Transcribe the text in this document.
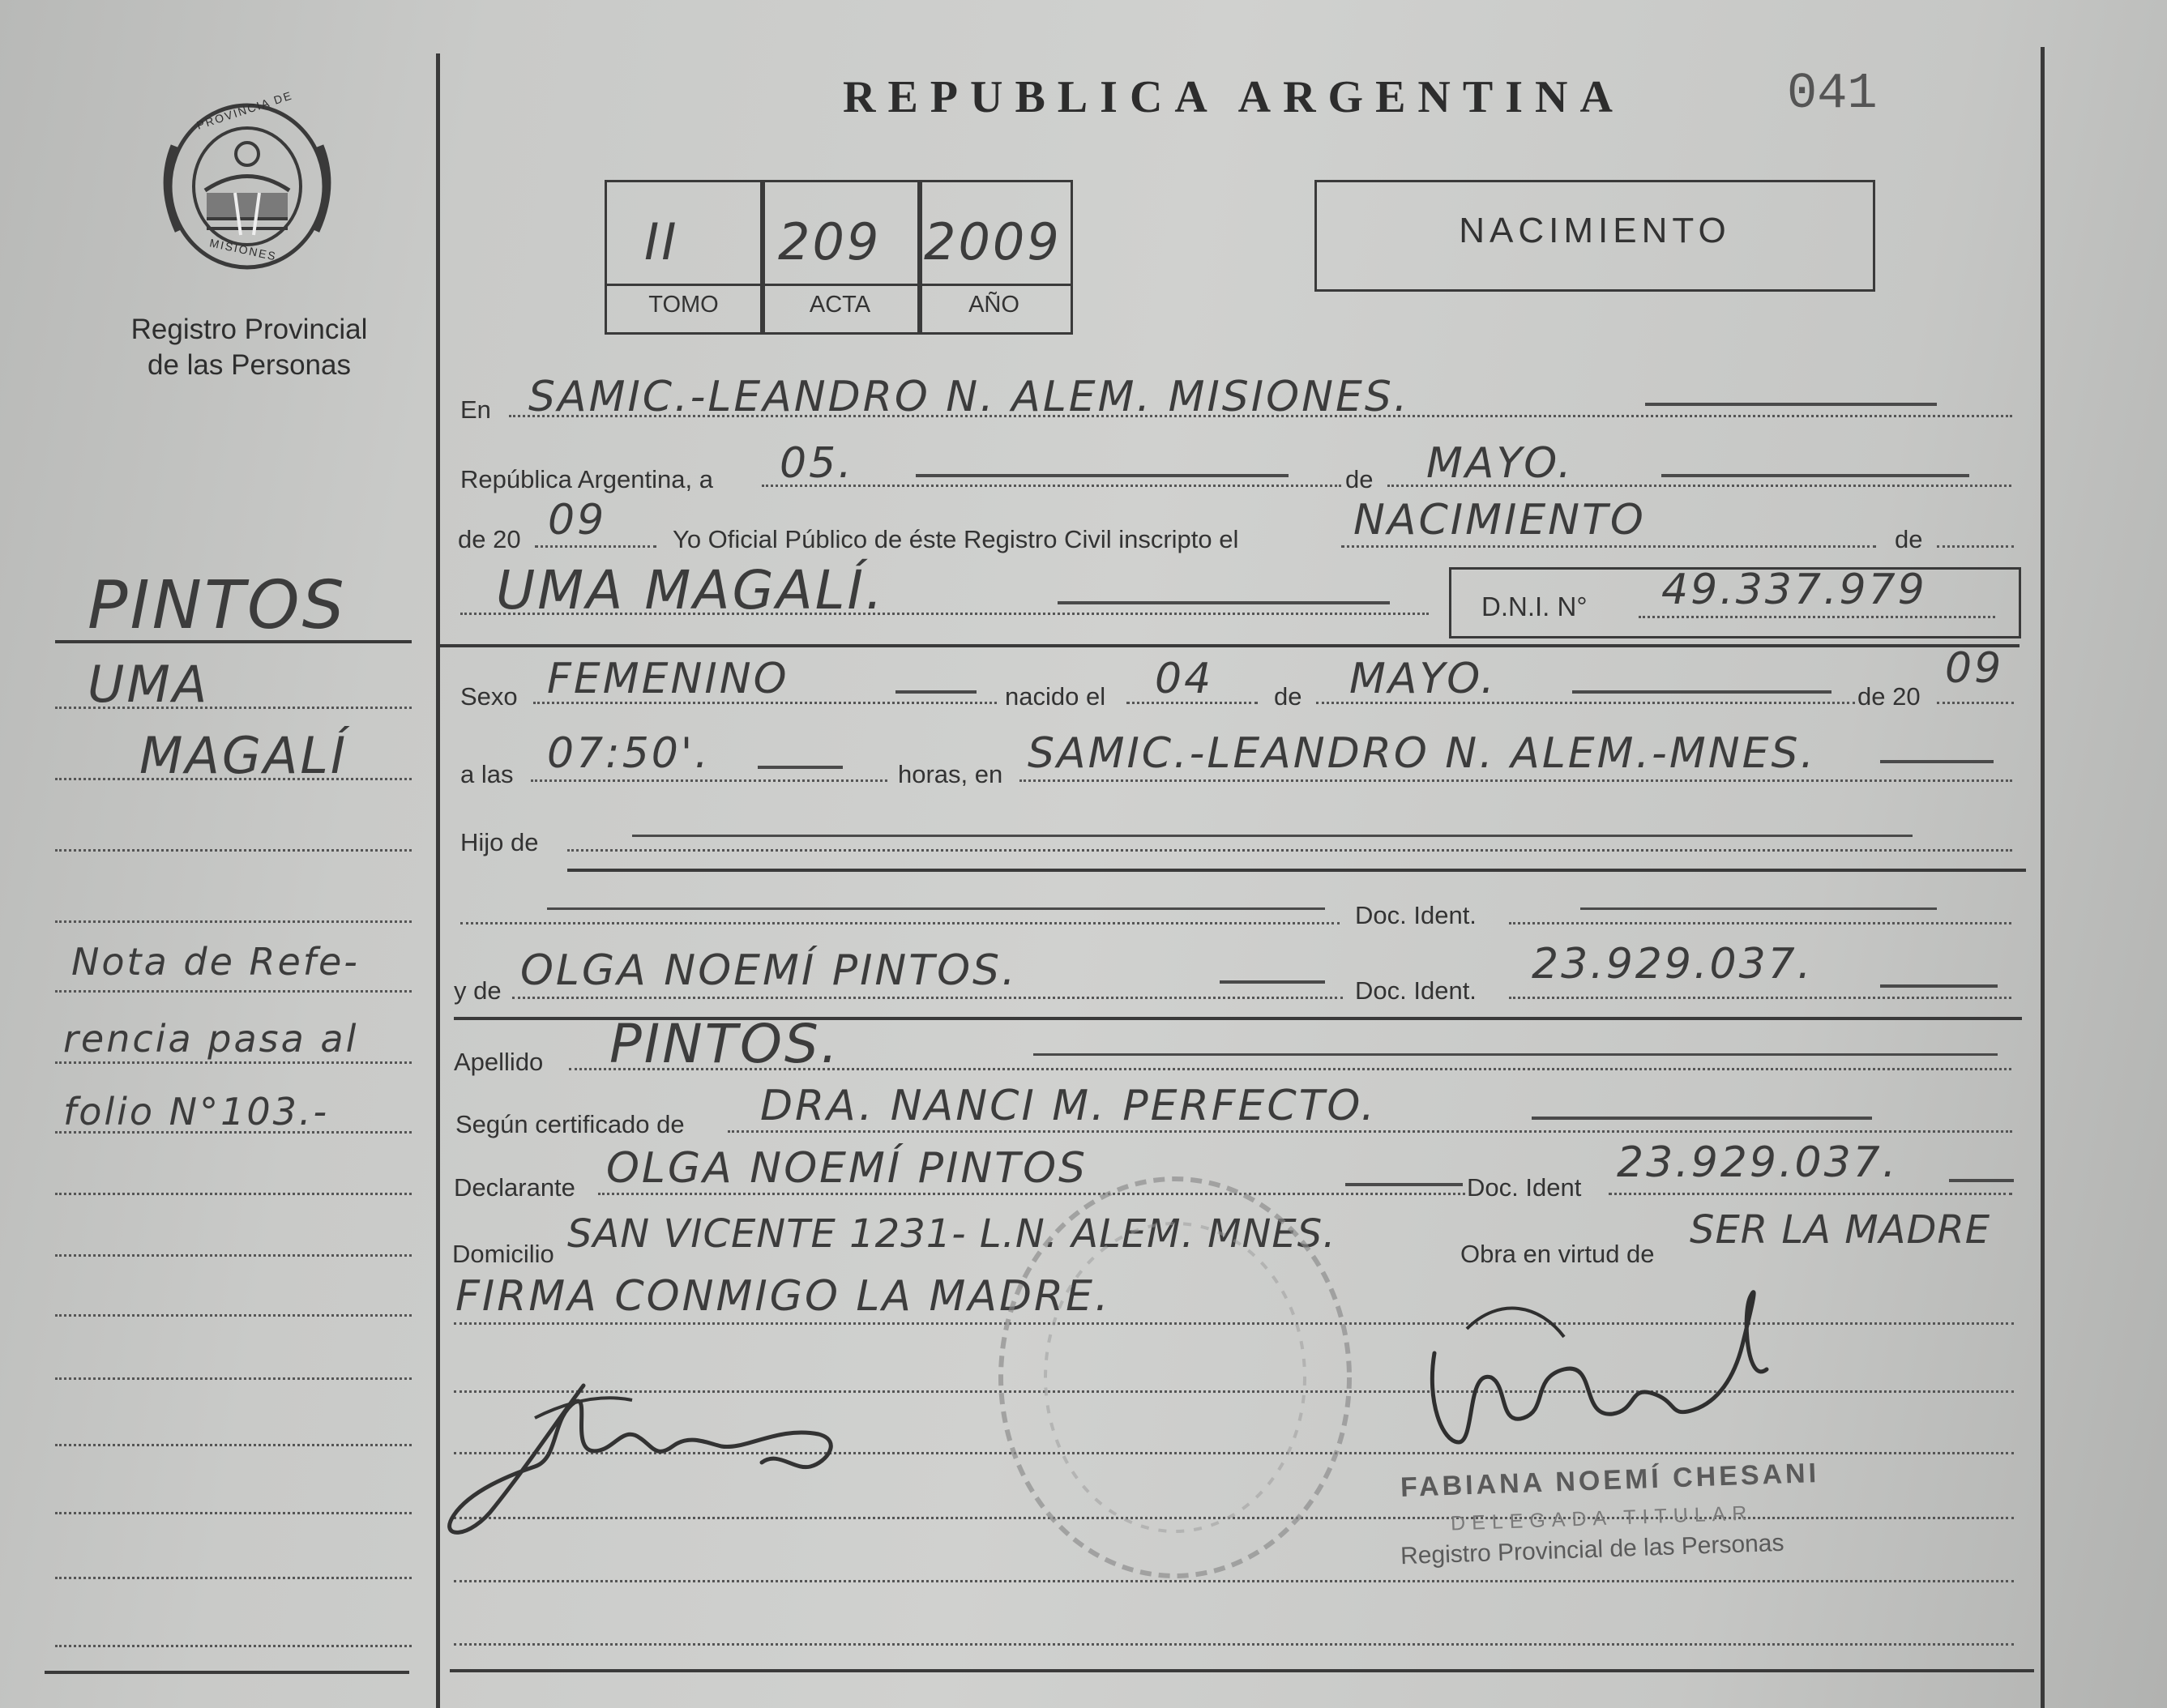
PROVINCIA DE
MISIONES
Registro Provincial
de las Personas
REPUBLICA ARGENTINA	041
II 209 2009
TOMO	ACTA	AÑO
NACIMIENTO
PINTOS
UMA
MAGALÍ
Nota de Refe-
rencia pasa al
folio N°103.-
En SAMIC.-LEANDRO N. ALEM. MISIONES.
República Argentina, a 05.	de MAYO.
de 20 09	Yo Oficial Público de éste Registro Civil inscripto el	NACIMIENTO	de
UMA MAGALÍ.	D.N.I. N° 49.337.979
Sexo FEMENINO	nacido el 04 de MAYO.	de 20
09
a las 07:50'.	horas, en SAMIC.-LEANDRO N. ALEM.-MNES.
Hijo de
Doc. Ident.
y de OLGA NOEMÍ PINTOS.	Doc. Ident.
23.929.037.
Apellido PINTOS.
Según certificado de DRA. NANCI M. PERFECTO.
Declarante OLGA NOEMÍ PINTOS	Doc. Ident
23.929.037.
Domicilio SAN VICENTE 1231- L.N. ALEM. MNES.	Obra en virtud de
SER LA MADRE
FIRMA CONMIGO LA MADRE.
FABIANA NOEMÍ CHESANI
DELEGADA TITULAR
Registro Provincial de las Personas
